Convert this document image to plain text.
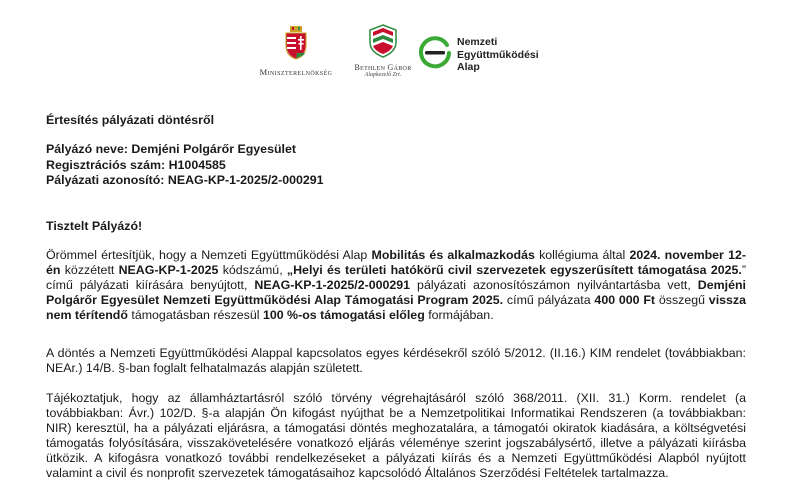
Miniszterelnökség	Bethlen Gábor
Alapkezelő Zrt.
Nemzeti
Együttműködési
Alap
Értesítés pályázati döntésről
Pályázó neve: Demjéni Polgárőr Egyesület
Regisztrációs szám: H1004585
Pályázati azonosító: NEAG-KP-1-2025/2-000291
Tisztelt Pályázó!

Örömmel értesítjük, hogy a Nemzeti Együttműködési Alap Mobilitás és alkalmazkodás kollégiuma által 2024. november 12-én közzétett NEAG-KP-1-2025 kódszámú, „Helyi és területi hatókörű civil szervezetek egyszerűsített támogatása 2025.” című pályázati kiírására benyújtott, NEAG-KP-1-2025/2-000291 pályázati azonosítószámon nyilvántartásba vett, Demjéni Polgárőr Egyesület Nemzeti Együttműködési Alap Támogatási Program 2025. című pályázata 400 000 Ft összegű vissza nem térítendő támogatásban részesül 100 %-os támogatási előleg formájában.

A döntés a Nemzeti Együttműködési Alappal kapcsolatos egyes kérdésekről szóló 5/2012. (II.16.) KIM rendelet (továbbiakban: NEAr.) 14/B. §-ban foglalt felhatalmazás alapján született.

Tájékoztatjuk, hogy az államháztartásról szóló törvény végrehajtásáról szóló 368/2011. (XII. 31.) Korm. rendelet (a továbbiakban: Ávr.) 102/D. §-a alapján Ön kifogást nyújthat be a Nemzetpolitikai Informatikai Rendszeren (a továbbiakban: NIR) keresztül, ha a pályázati eljárásra, a támogatási döntés meghozatalára, a támogatói okiratok kiadására, a költségvetési támogatás folyósítására, visszakövetelésére vonatkozó eljárás véleménye szerint jogszabálysértő, illetve a pályázati kiírásba ütközik. A kifogásra vonatkozó további rendelkezéseket a pályázati kiírás és a Nemzeti Együttműködési Alapból nyújtott valamint a civil és nonprofit szervezetek támogatásaihoz kapcsolódó Általános Szerződési Feltételek tartalmazza.
